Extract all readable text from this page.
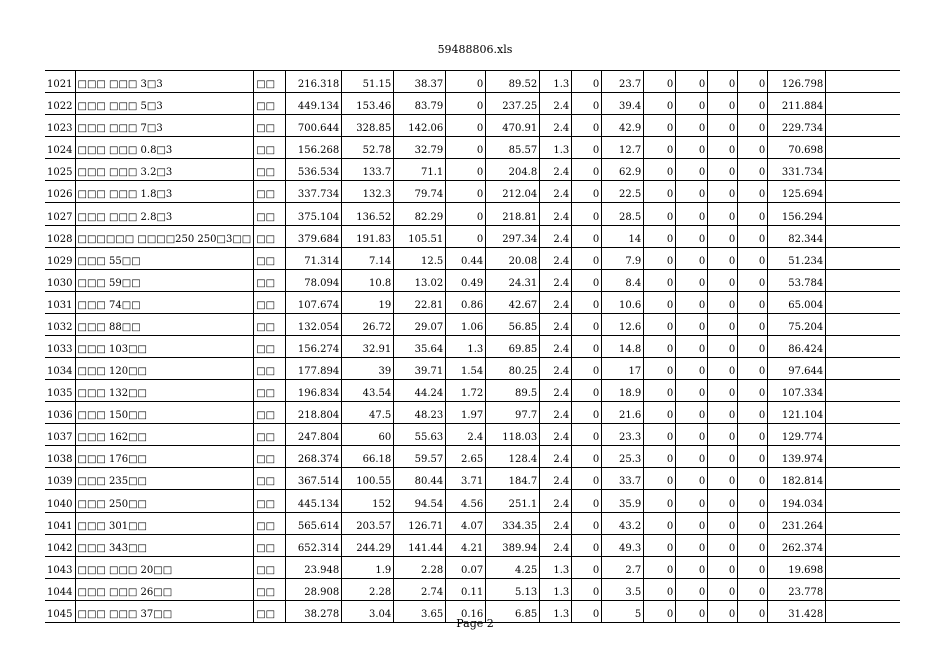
59488806.xls
1021	□□□ □□□ 3□3	□□	216.318	51.15	38.37	0	89.52	1.3	0	23.7	0	0	0	0	126.798	
1022	□□□ □□□ 5□3	□□	449.134	153.46	83.79	0	237.25	2.4	0	39.4	0	0	0	0	211.884	
1023	□□□ □□□ 7□3	□□	700.644	328.85	142.06	0	470.91	2.4	0	42.9	0	0	0	0	229.734	
1024	□□□ □□□ 0.8□3	□□	156.268	52.78	32.79	0	85.57	1.3	0	12.7	0	0	0	0	70.698	
1025	□□□ □□□ 3.2□3	□□	536.534	133.7	71.1	0	204.8	2.4	0	62.9	0	0	0	0	331.734	
1026	□□□ □□□ 1.8□3	□□	337.734	132.3	79.74	0	212.04	2.4	0	22.5	0	0	0	0	125.694	
1027	□□□ □□□ 2.8□3	□□	375.104	136.52	82.29	0	218.81	2.4	0	28.5	0	0	0	0	156.294	
1028	□□□□□□ □□□□250 250□3□□	□□	379.684	191.83	105.51	0	297.34	2.4	0	14	0	0	0	0	82.344	
1029	□□□ 55□□	□□	71.314	7.14	12.5	0.44	20.08	2.4	0	7.9	0	0	0	0	51.234	
1030	□□□ 59□□	□□	78.094	10.8	13.02	0.49	24.31	2.4	0	8.4	0	0	0	0	53.784	
1031	□□□ 74□□	□□	107.674	19	22.81	0.86	42.67	2.4	0	10.6	0	0	0	0	65.004	
1032	□□□ 88□□	□□	132.054	26.72	29.07	1.06	56.85	2.4	0	12.6	0	0	0	0	75.204	
1033	□□□ 103□□	□□	156.274	32.91	35.64	1.3	69.85	2.4	0	14.8	0	0	0	0	86.424	
1034	□□□ 120□□	□□	177.894	39	39.71	1.54	80.25	2.4	0	17	0	0	0	0	97.644	
1035	□□□ 132□□	□□	196.834	43.54	44.24	1.72	89.5	2.4	0	18.9	0	0	0	0	107.334	
1036	□□□ 150□□	□□	218.804	47.5	48.23	1.97	97.7	2.4	0	21.6	0	0	0	0	121.104	
1037	□□□ 162□□	□□	247.804	60	55.63	2.4	118.03	2.4	0	23.3	0	0	0	0	129.774	
1038	□□□ 176□□	□□	268.374	66.18	59.57	2.65	128.4	2.4	0	25.3	0	0	0	0	139.974	
1039	□□□ 235□□	□□	367.514	100.55	80.44	3.71	184.7	2.4	0	33.7	0	0	0	0	182.814	
1040	□□□ 250□□	□□	445.134	152	94.54	4.56	251.1	2.4	0	35.9	0	0	0	0	194.034	
1041	□□□ 301□□	□□	565.614	203.57	126.71	4.07	334.35	2.4	0	43.2	0	0	0	0	231.264	
1042	□□□ 343□□	□□	652.314	244.29	141.44	4.21	389.94	2.4	0	49.3	0	0	0	0	262.374	
1043	□□□ □□□ 20□□	□□	23.948	1.9	2.28	0.07	4.25	1.3	0	2.7	0	0	0	0	19.698	
1044	□□□ □□□ 26□□	□□	28.908	2.28	2.74	0.11	5.13	1.3	0	3.5	0	0	0	0	23.778	
1045	□□□ □□□ 37□□	□□	38.278	3.04	3.65	0.16	6.85	1.3	0	5	0	0	0	0	31.428	
Page 2
